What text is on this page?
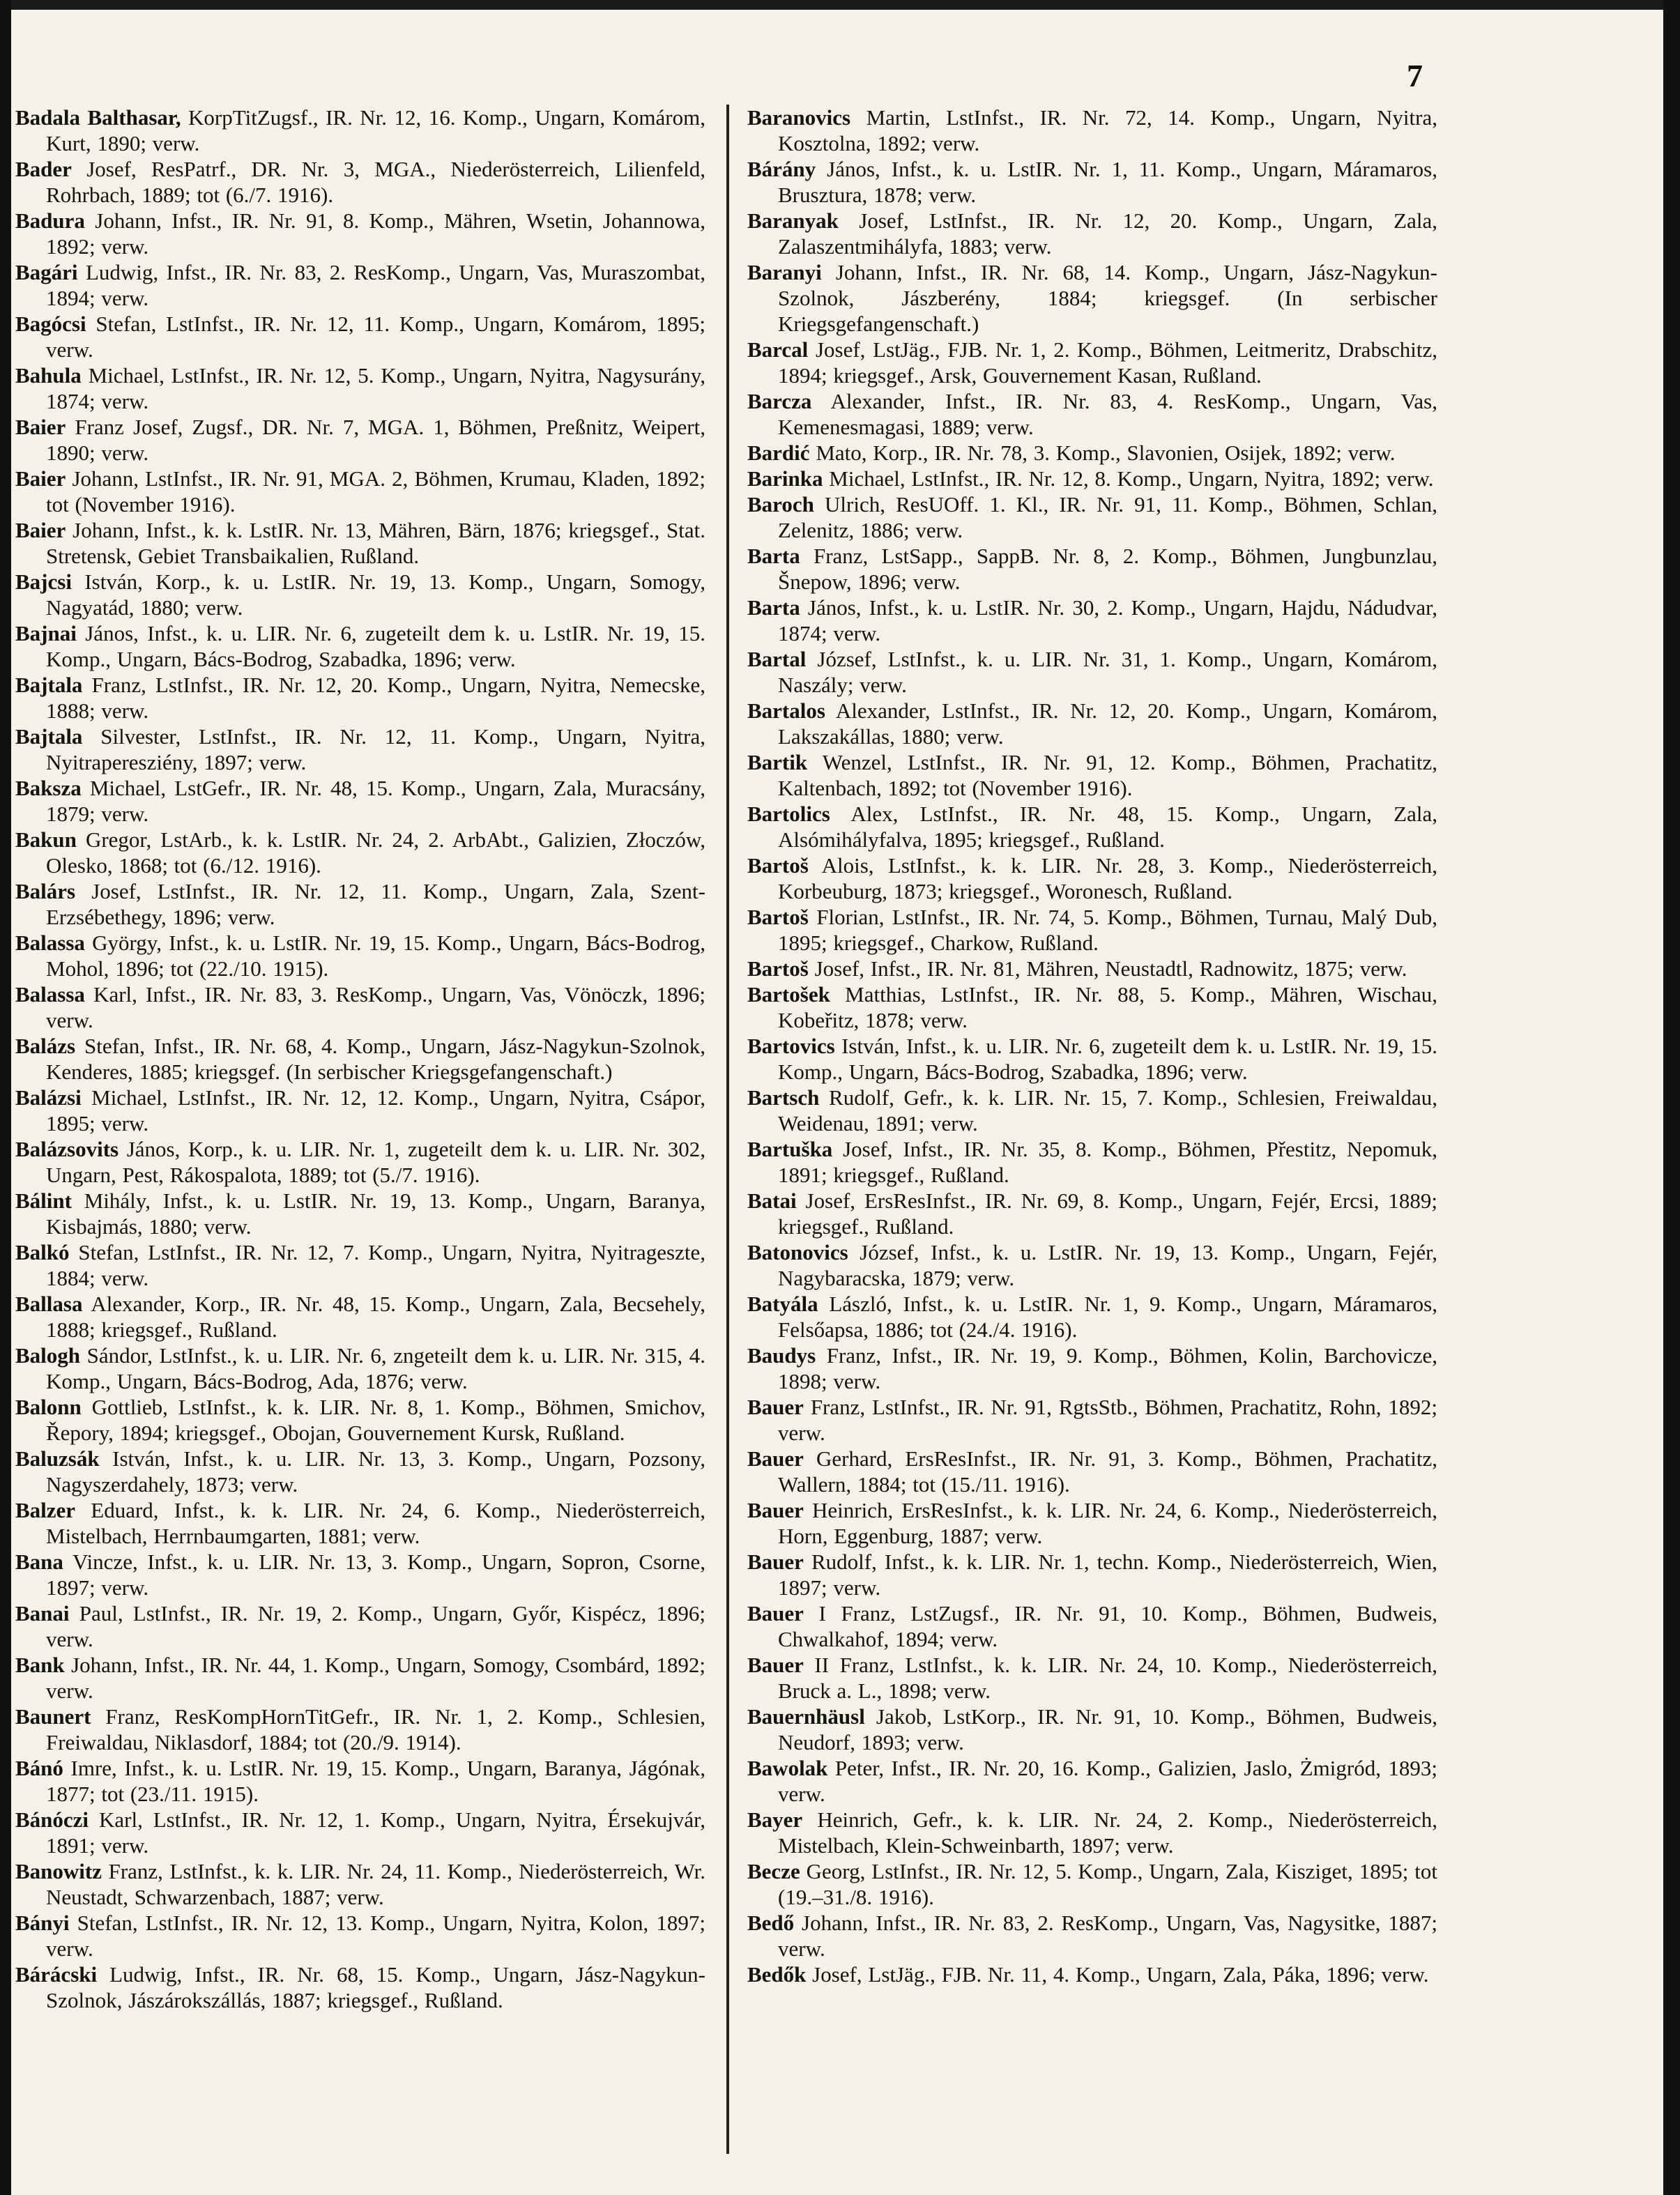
7

Badala Balthasar, KorpTitZugsf., IR. Nr. 12, 16. Komp., Ungarn, Komárom, Kurt, 1890; verw.

Bader Josef, ResPatrf., DR. Nr. 3, MGA., Niederösterreich, Lilienfeld, Rohrbach, 1889; tot (6./7. 1916).

Badura Johann, Infst., IR. Nr. 91, 8. Komp., Mähren, Wsetin, Johannowa, 1892; verw.

Bagári Ludwig, Infst., IR. Nr. 83, 2. ResKomp., Ungarn, Vas, Muraszombat, 1894; verw.

Bagócsi Stefan, LstInfst., IR. Nr. 12, 11. Komp., Ungarn, Komárom, 1895; verw.

Bahula Michael, LstInfst., IR. Nr. 12, 5. Komp., Ungarn, Nyitra, Nagysurány, 1874; verw.

Baier Franz Josef, Zugsf., DR. Nr. 7, MGA. 1, Böhmen, Preßnitz, Weipert, 1890; verw.

Baier Johann, LstInfst., IR. Nr. 91, MGA. 2, Böhmen, Krumau, Kladen, 1892; tot (November 1916).

Baier Johann, Infst., k. k. LstIR. Nr. 13, Mähren, Bärn, 1876; kriegsgef., Stat. Stretensk, Gebiet Transbaikalien, Rußland.

Bajcsi István, Korp., k. u. LstIR. Nr. 19, 13. Komp., Ungarn, Somogy, Nagyatád, 1880; verw.

Bajnai János, Infst., k. u. LIR. Nr. 6, zugeteilt dem k. u. LstIR. Nr. 19, 15. Komp., Ungarn, Bács-Bodrog, Szabadka, 1896; verw.

Bajtala Franz, LstInfst., IR. Nr. 12, 20. Komp., Ungarn, Nyitra, Nemecske, 1888; verw.

Bajtala Silvester, LstInfst., IR. Nr. 12, 11. Komp., Ungarn, Nyitra, Nyitraperesziény, 1897; verw.

Baksza Michael, LstGefr., IR. Nr. 48, 15. Komp., Ungarn, Zala, Muracsány, 1879; verw.

Bakun Gregor, LstArb., k. k. LstIR. Nr. 24, 2. ArbAbt., Galizien, Złoczów, Olesko, 1868; tot (6./12. 1916).

Balárs Josef, LstInfst., IR. Nr. 12, 11. Komp., Ungarn, Zala, Szent-Erzsébethegy, 1896; verw.

Balassa György, Infst., k. u. LstIR. Nr. 19, 15. Komp., Ungarn, Bács-Bodrog, Mohol, 1896; tot (22./10. 1915).

Balassa Karl, Infst., IR. Nr. 83, 3. ResKomp., Ungarn, Vas, Vönöczk, 1896; verw.

Balázs Stefan, Infst., IR. Nr. 68, 4. Komp., Ungarn, Jász-Nagykun-Szolnok, Kenderes, 1885; kriegsgef. (In serbischer Kriegsgefangenschaft.)

Balázsi Michael, LstInfst., IR. Nr. 12, 12. Komp., Ungarn, Nyitra, Csápor, 1895; verw.

Balázsovits János, Korp., k. u. LIR. Nr. 1, zugeteilt dem k. u. LIR. Nr. 302, Ungarn, Pest, Rákospalota, 1889; tot (5./7. 1916).

Bálint Mihály, Infst., k. u. LstIR. Nr. 19, 13. Komp., Ungarn, Baranya, Kisbajmás, 1880; verw.

Balkó Stefan, LstInfst., IR. Nr. 12, 7. Komp., Ungarn, Nyitra, Nyitrageszte, 1884; verw.

Ballasa Alexander, Korp., IR. Nr. 48, 15. Komp., Ungarn, Zala, Becsehely, 1888; kriegsgef., Rußland.

Balogh Sándor, LstInfst., k. u. LIR. Nr. 6, zngeteilt dem k. u. LIR. Nr. 315, 4. Komp., Ungarn, Bács-Bodrog, Ada, 1876; verw.

Balonn Gottlieb, LstInfst., k. k. LIR. Nr. 8, 1. Komp., Böhmen, Smichov, Řepory, 1894; kriegsgef., Obojan, Gouvernement Kursk, Rußland.

Baluzsák István, Infst., k. u. LIR. Nr. 13, 3. Komp., Ungarn, Pozsony, Nagyszerdahely, 1873; verw.

Balzer Eduard, Infst., k. k. LIR. Nr. 24, 6. Komp., Niederösterreich, Mistelbach, Herrnbaumgarten, 1881; verw.

Bana Vincze, Infst., k. u. LIR. Nr. 13, 3. Komp., Ungarn, Sopron, Csorne, 1897; verw.

Banai Paul, LstInfst., IR. Nr. 19, 2. Komp., Ungarn, Győr, Kispécz, 1896; verw.

Bank Johann, Infst., IR. Nr. 44, 1. Komp., Ungarn, Somogy, Csombárd, 1892; verw.

Baunert Franz, ResKompHornTitGefr., IR. Nr. 1, 2. Komp., Schlesien, Freiwaldau, Niklasdorf, 1884; tot (20./9. 1914).

Bánó Imre, Infst., k. u. LstIR. Nr. 19, 15. Komp., Ungarn, Baranya, Jágónak, 1877; tot (23./11. 1915).

Bánóczi Karl, LstInfst., IR. Nr. 12, 1. Komp., Ungarn, Nyitra, Érsekujvár, 1891; verw.

Banowitz Franz, LstInfst., k. k. LIR. Nr. 24, 11. Komp., Niederösterreich, Wr. Neustadt, Schwarzenbach, 1887; verw.

Bányi Stefan, LstInfst., IR. Nr. 12, 13. Komp., Ungarn, Nyitra, Kolon, 1897; verw.

Bárácski Ludwig, Infst., IR. Nr. 68, 15. Komp., Ungarn, Jász-Nagykun-Szolnok, Jászárokszállás, 1887; kriegsgef., Rußland.

Baranovics Martin, LstInfst., IR. Nr. 72, 14. Komp., Ungarn, Nyitra, Kosztolna, 1892; verw.

Bárány János, Infst., k. u. LstIR. Nr. 1, 11. Komp., Ungarn, Máramaros, Brusztura, 1878; verw.

Baranyak Josef, LstInfst., IR. Nr. 12, 20. Komp., Ungarn, Zala, Zalaszentmihályfa, 1883; verw.

Baranyi Johann, Infst., IR. Nr. 68, 14. Komp., Ungarn, Jász-Nagykun-Szolnok, Jászberény, 1884; kriegsgef. (In serbischer Kriegsgefangenschaft.)

Barcal Josef, LstJäg., FJB. Nr. 1, 2. Komp., Böhmen, Leitmeritz, Drabschitz, 1894; kriegsgef., Arsk, Gouvernement Kasan, Rußland.

Barcza Alexander, Infst., IR. Nr. 83, 4. ResKomp., Ungarn, Vas, Kemenesmagasi, 1889; verw.

Bardić Mato, Korp., IR. Nr. 78, 3. Komp., Slavonien, Osijek, 1892; verw.

Barinka Michael, LstInfst., IR. Nr. 12, 8. Komp., Ungarn, Nyitra, 1892; verw.

Baroch Ulrich, ResUOff. 1. Kl., IR. Nr. 91, 11. Komp., Böhmen, Schlan, Zelenitz, 1886; verw.

Barta Franz, LstSapp., SappB. Nr. 8, 2. Komp., Böhmen, Jungbunzlau, Šnepow, 1896; verw.

Barta János, Infst., k. u. LstIR. Nr. 30, 2. Komp., Ungarn, Hajdu, Nádudvar, 1874; verw.

Bartal József, LstInfst., k. u. LIR. Nr. 31, 1. Komp., Ungarn, Komárom, Naszály; verw.

Bartalos Alexander, LstInfst., IR. Nr. 12, 20. Komp., Ungarn, Komárom, Lakszakállas, 1880; verw.

Bartik Wenzel, LstInfst., IR. Nr. 91, 12. Komp., Böhmen, Prachatitz, Kaltenbach, 1892; tot (November 1916).

Bartolics Alex, LstInfst., IR. Nr. 48, 15. Komp., Ungarn, Zala, Alsómihályfalva, 1895; kriegsgef., Rußland.

Bartoš Alois, LstInfst., k. k. LIR. Nr. 28, 3. Komp., Niederösterreich, Korbeuburg, 1873; kriegsgef., Woronesch, Rußland.

Bartoš Florian, LstInfst., IR. Nr. 74, 5. Komp., Böhmen, Turnau, Malý Dub, 1895; kriegsgef., Charkow, Rußland.

Bartoš Josef, Infst., IR. Nr. 81, Mähren, Neustadtl, Radnowitz, 1875; verw.

Bartošek Matthias, LstInfst., IR. Nr. 88, 5. Komp., Mähren, Wischau, Kobeřitz, 1878; verw.

Bartovics István, Infst., k. u. LIR. Nr. 6, zugeteilt dem k. u. LstIR. Nr. 19, 15. Komp., Ungarn, Bács-Bodrog, Szabadka, 1896; verw.

Bartsch Rudolf, Gefr., k. k. LIR. Nr. 15, 7. Komp., Schlesien, Freiwaldau, Weidenau, 1891; verw.

Bartuška Josef, Infst., IR. Nr. 35, 8. Komp., Böhmen, Přestitz, Nepomuk, 1891; kriegsgef., Rußland.

Batai Josef, ErsResInfst., IR. Nr. 69, 8. Komp., Ungarn, Fejér, Ercsi, 1889; kriegsgef., Rußland.

Batonovics József, Infst., k. u. LstIR. Nr. 19, 13. Komp., Ungarn, Fejér, Nagybaracska, 1879; verw.

Batyála László, Infst., k. u. LstIR. Nr. 1, 9. Komp., Ungarn, Máramaros, Felsőapsa, 1886; tot (24./4. 1916).

Baudys Franz, Infst., IR. Nr. 19, 9. Komp., Böhmen, Kolin, Barchovicze, 1898; verw.

Bauer Franz, LstInfst., IR. Nr. 91, RgtsStb., Böhmen, Prachatitz, Rohn, 1892; verw.

Bauer Gerhard, ErsResInfst., IR. Nr. 91, 3. Komp., Böhmen, Prachatitz, Wallern, 1884; tot (15./11. 1916).

Bauer Heinrich, ErsResInfst., k. k. LIR. Nr. 24, 6. Komp., Niederösterreich, Horn, Eggenburg, 1887; verw.

Bauer Rudolf, Infst., k. k. LIR. Nr. 1, techn. Komp., Niederösterreich, Wien, 1897; verw.

Bauer I Franz, LstZugsf., IR. Nr. 91, 10. Komp., Böhmen, Budweis, Chwalkahof, 1894; verw.

Bauer II Franz, LstInfst., k. k. LIR. Nr. 24, 10. Komp., Niederösterreich, Bruck a. L., 1898; verw.

Bauernhäusl Jakob, LstKorp., IR. Nr. 91, 10. Komp., Böhmen, Budweis, Neudorf, 1893; verw.

Bawolak Peter, Infst., IR. Nr. 20, 16. Komp., Galizien, Jaslo, Żmigród, 1893; verw.

Bayer Heinrich, Gefr., k. k. LIR. Nr. 24, 2. Komp., Niederösterreich, Mistelbach, Klein-Schweinbarth, 1897; verw.

Becze Georg, LstInfst., IR. Nr. 12, 5. Komp., Ungarn, Zala, Kisziget, 1895; tot (19.–31./8. 1916).

Bedő Johann, Infst., IR. Nr. 83, 2. ResKomp., Ungarn, Vas, Nagysitke, 1887; verw.

Bedők Josef, LstJäg., FJB. Nr. 11, 4. Komp., Ungarn, Zala, Páka, 1896; verw.
